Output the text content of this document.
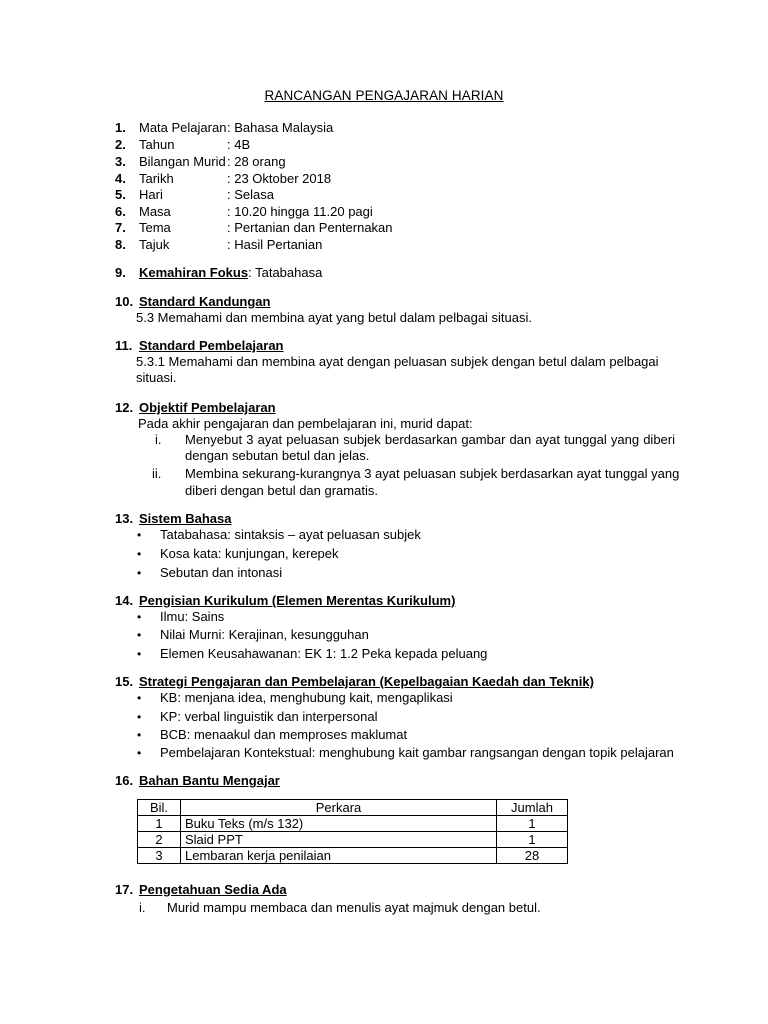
RANCANGAN PENGAJARAN HARIAN
1.	Mata Pelajaran : Bahasa Malaysia
2.	Tahun	: 4B
3.	Bilangan Murid : 28 orang
4.	Tarikh	: 23 Oktober 2018
5.	Hari	: Selasa
6.	Masa	: 10.20 hingga 11.20 pagi
7.	Tema	: Pertanian dan Penternakan
8.	Tajuk	: Hasil Pertanian
9.	Kemahiran Fokus: Tatabahasa
10. Standard Kandungan
5.3 Memahami dan membina ayat yang betul dalam pelbagai situasi.
11. Standard Pembelajaran
5.3.1 Memahami dan membina ayat dengan peluasan subjek dengan betul dalam pelbagai
situasi.
12. Objektif Pembelajaran
Pada akhir pengajaran dan pembelajaran ini, murid dapat:
i. Menyebut 3 ayat peluasan subjek berdasarkan gambar dan ayat tunggal yang diberi
dengan sebutan betul dan jelas.
ii. Membina sekurang-kurangnya 3 ayat peluasan subjek berdasarkan ayat tunggal yang
diberi dengan betul dan gramatis.
13. Sistem Bahasa
•	Tatabahasa: sintaksis – ayat peluasan subjek
•	Kosa kata: kunjungan, kerepek
•	Sebutan dan intonasi
14. Pengisian Kurikulum (Elemen Merentas Kurikulum)
•	Ilmu: Sains
•	Nilai Murni: Kerajinan, kesungguhan
•	Elemen Keusahawanan: EK 1: 1.2 Peka kepada peluang
15. Strategi Pengajaran dan Pembelajaran (Kepelbagaian Kaedah dan Teknik)
•	KB: menjana idea, menghubung kait, mengaplikasi
•	KP: verbal linguistik dan interpersonal
•	BCB: menaakul dan memproses maklumat
•	Pembelajaran Kontekstual: menghubung kait gambar rangsangan dengan topik pelajaran
16. Bahan Bantu Mengajar
Bil.	Perkara	Jumlah
1	Buku Teks (m/s 132)	1
2	Slaid PPT	1
3	Lembaran kerja penilaian	28
17. Pengetahuan Sedia Ada
i. Murid mampu membaca dan menulis ayat majmuk dengan betul.
